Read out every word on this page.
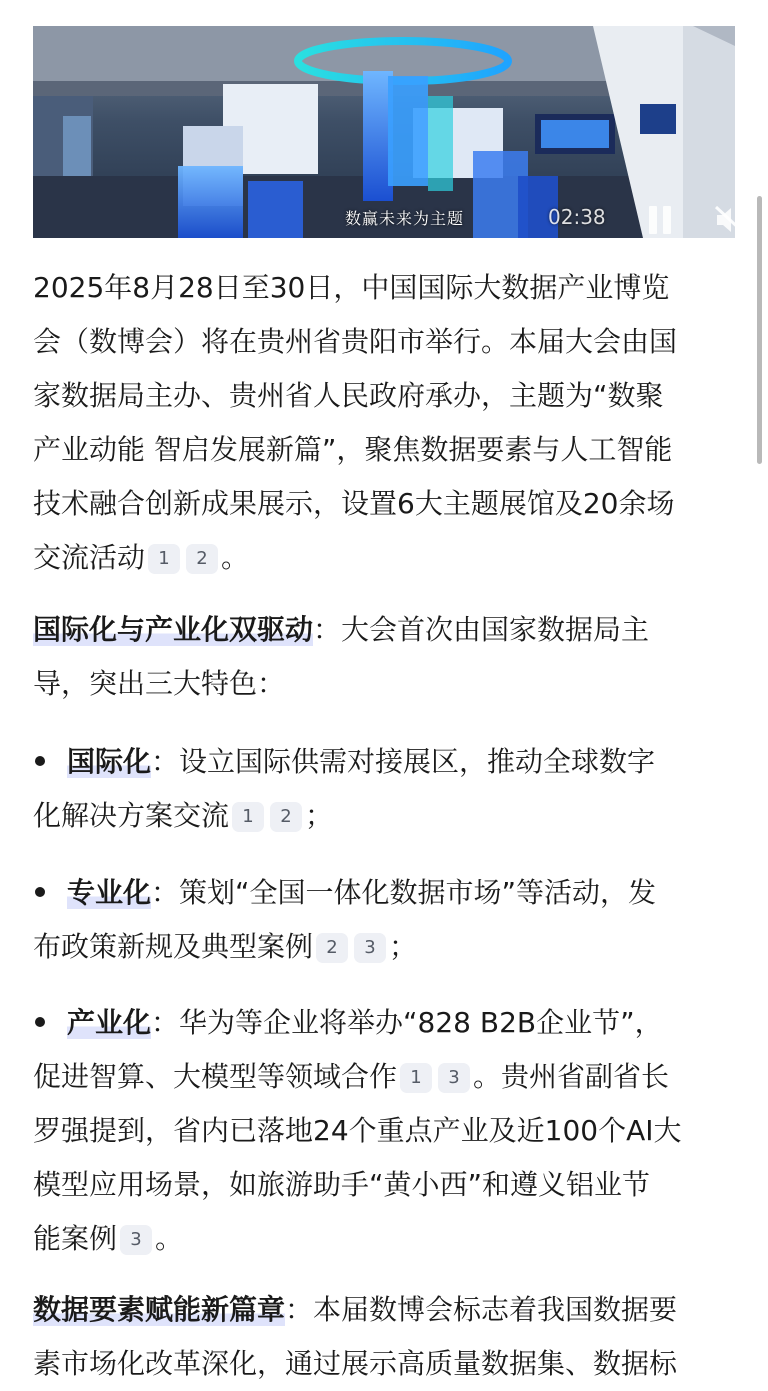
数赢未来为主题	02:38
中国国际数字出版博览会
2025年8月28日至30日，中国国际大数据产业博览
会（数博会）将在贵州省贵阳市举行。本届大会由国
家数据局主办、贵州省人民政府承办，主题为“数聚
产业动能 智启发展新篇”，聚焦数据要素与人工智能
技术融合创新成果展示，设置6大主题展馆及20余场
交流活动 1 2 。
国际化与产业化双驱动：大会首次由国家数据局主
导，突出三大特色：
国际化：设立国际供需对接展区，推动全球数字
化解决方案交流 1 2 ；
专业化：策划“全国一体化数据市场”等活动，发
布政策新规及典型案例 2 3 ；
产业化：华为等企业将举办“828 B2B企业节”，
促进智算、大模型等领域合作 1 3 。贵州省副省长
罗强提到，省内已落地24个重点产业及近100个AI大
模型应用场景，如旅游助手“黄小西”和遵义铝业节
能案例 3 。
数据要素赋能新篇章：本届数博会标志着我国数据要
素市场化改革深化，通过展示高质量数据集、数据标
